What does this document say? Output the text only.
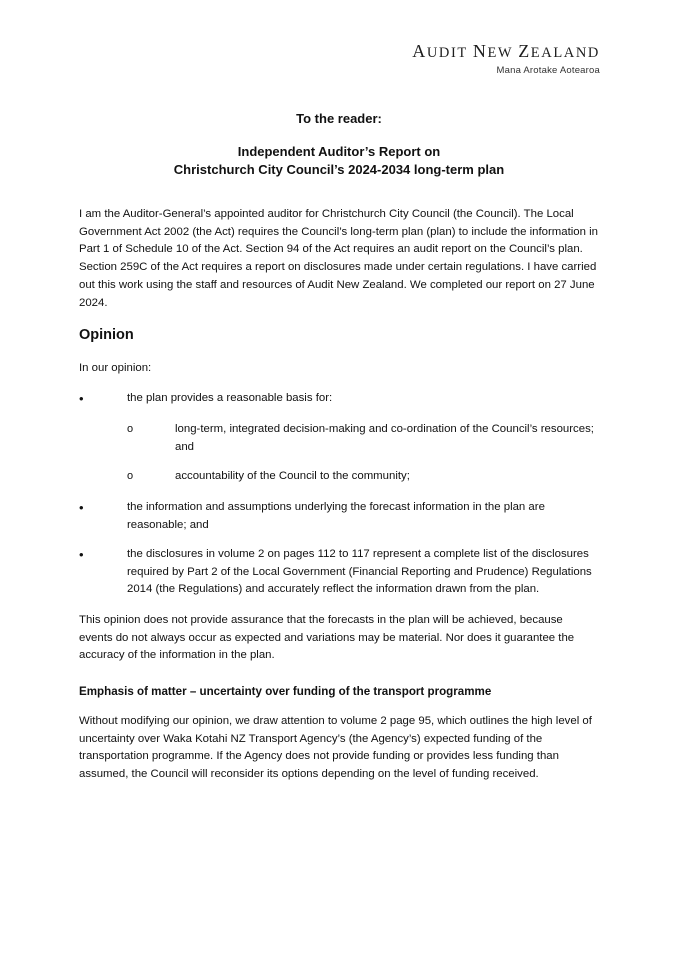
AUDIT NEW ZEALAND
Mana Arotake Aotearoa
To the reader:
Independent Auditor’s Report on
Christchurch City Council’s 2024-2034 long-term plan
I am the Auditor-General’s appointed auditor for Christchurch City Council (the Council). The Local Government Act 2002 (the Act) requires the Council’s long-term plan (plan) to include the information in Part 1 of Schedule 10 of the Act. Section 94 of the Act requires an audit report on the Council’s plan. Section 259C of the Act requires a report on disclosures made under certain regulations. I have carried out this work using the staff and resources of Audit New Zealand. We completed our report on 27 June 2024.
Opinion
In our opinion:
•	the plan provides a reasonable basis for:
o	long-term, integrated decision-making and co-ordination of the Council’s resources; and
o	accountability of the Council to the community;
•	the information and assumptions underlying the forecast information in the plan are reasonable; and
•	the disclosures in volume 2 on pages 112 to 117 represent a complete list of the disclosures required by Part 2 of the Local Government (Financial Reporting and Prudence) Regulations 2014 (the Regulations) and accurately reflect the information drawn from the plan.
This opinion does not provide assurance that the forecasts in the plan will be achieved, because events do not always occur as expected and variations may be material. Nor does it guarantee the accuracy of the information in the plan.
Emphasis of matter – uncertainty over funding of the transport programme
Without modifying our opinion, we draw attention to volume 2 page 95, which outlines the high level of uncertainty over Waka Kotahi NZ Transport Agency’s (the Agency’s) expected funding of the transportation programme. If the Agency does not provide funding or provides less funding than assumed, the Council will reconsider its options depending on the level of funding received.
